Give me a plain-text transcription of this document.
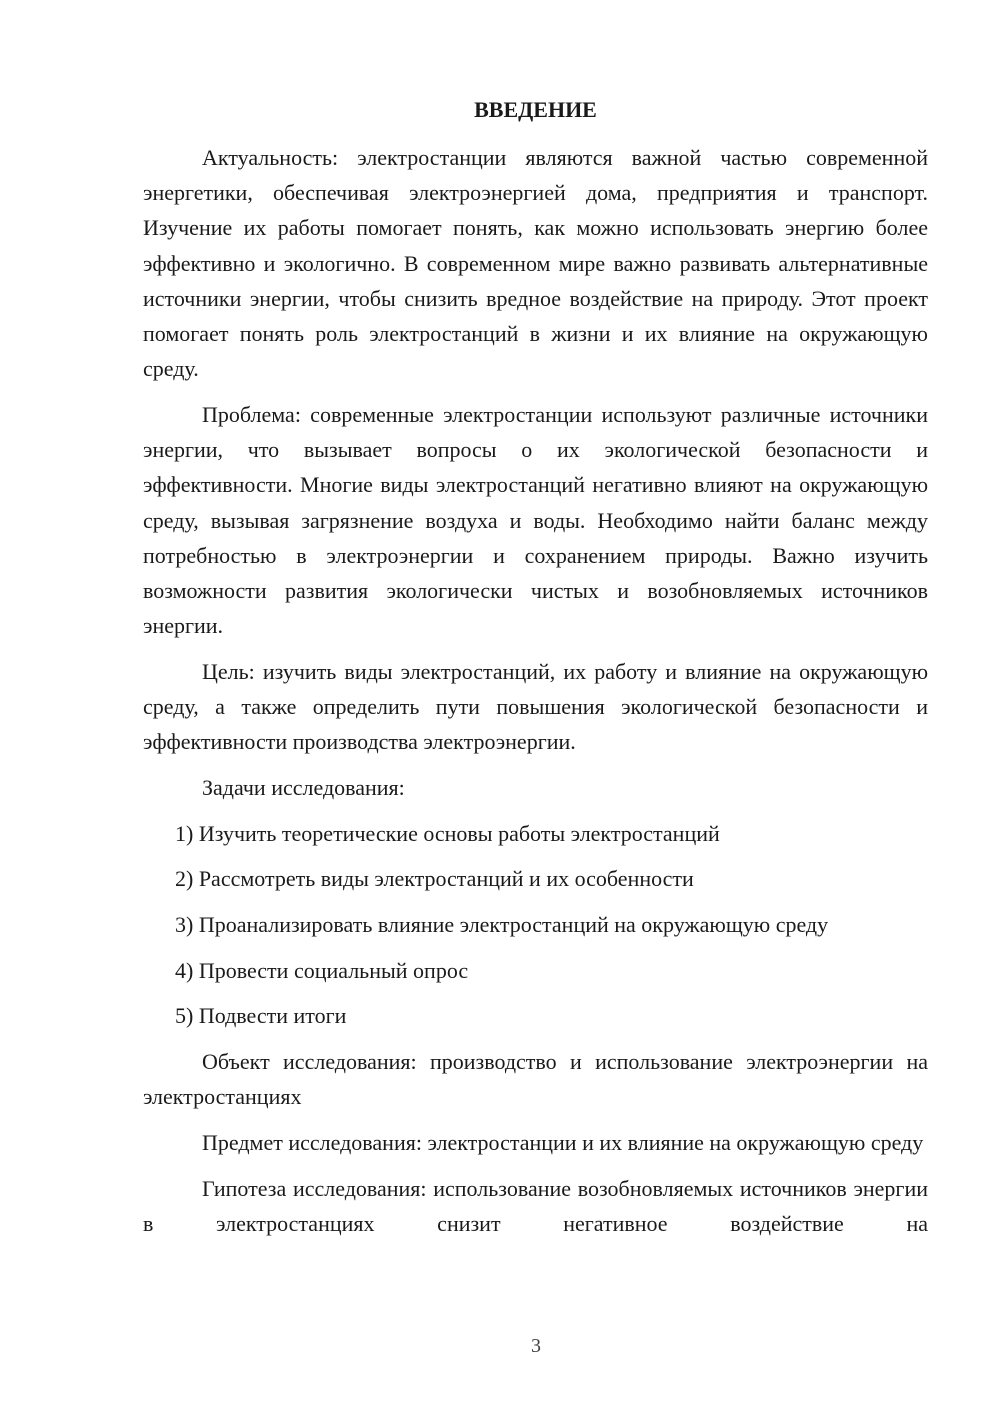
ВВЕДЕНИЕ

Актуальность: электростанции являются важной частью современной энергетики, обеспечивая электроэнергией дома, предприятия и транспорт. Изучение их работы помогает понять, как можно использовать энергию более эффективно и экологично. В современном мире важно развивать альтернативные источники энергии, чтобы снизить вредное воздействие на природу. Этот проект помогает понять роль электростанций в жизни и их влияние на окружающую среду.

Проблема: современные электростанции используют различные источники энергии, что вызывает вопросы о их экологической безопасности и эффективности. Многие виды электростанций негативно влияют на окружающую среду, вызывая загрязнение воздуха и воды. Необходимо найти баланс между потребностью в электроэнергии и сохранением природы. Важно изучить возможности развития экологически чистых и возобновляемых источников энергии.

Цель: изучить виды электростанций, их работу и влияние на окружающую среду, а также определить пути повышения экологической безопасности и эффективности производства электроэнергии.

Задачи исследования:

1) Изучить теоретические основы работы электростанций

2) Рассмотреть виды электростанций и их особенности

3) Проанализировать влияние электростанций на окружающую среду

4) Провести социальный опрос

5) Подвести итоги

Объект исследования: производство и использование электроэнергии на электростанциях

Предмет исследования: электростанции и их влияние на окружающую среду

Гипотеза исследования: использование возобновляемых источников энергии в электростанциях снизит негативное воздействие на

3
